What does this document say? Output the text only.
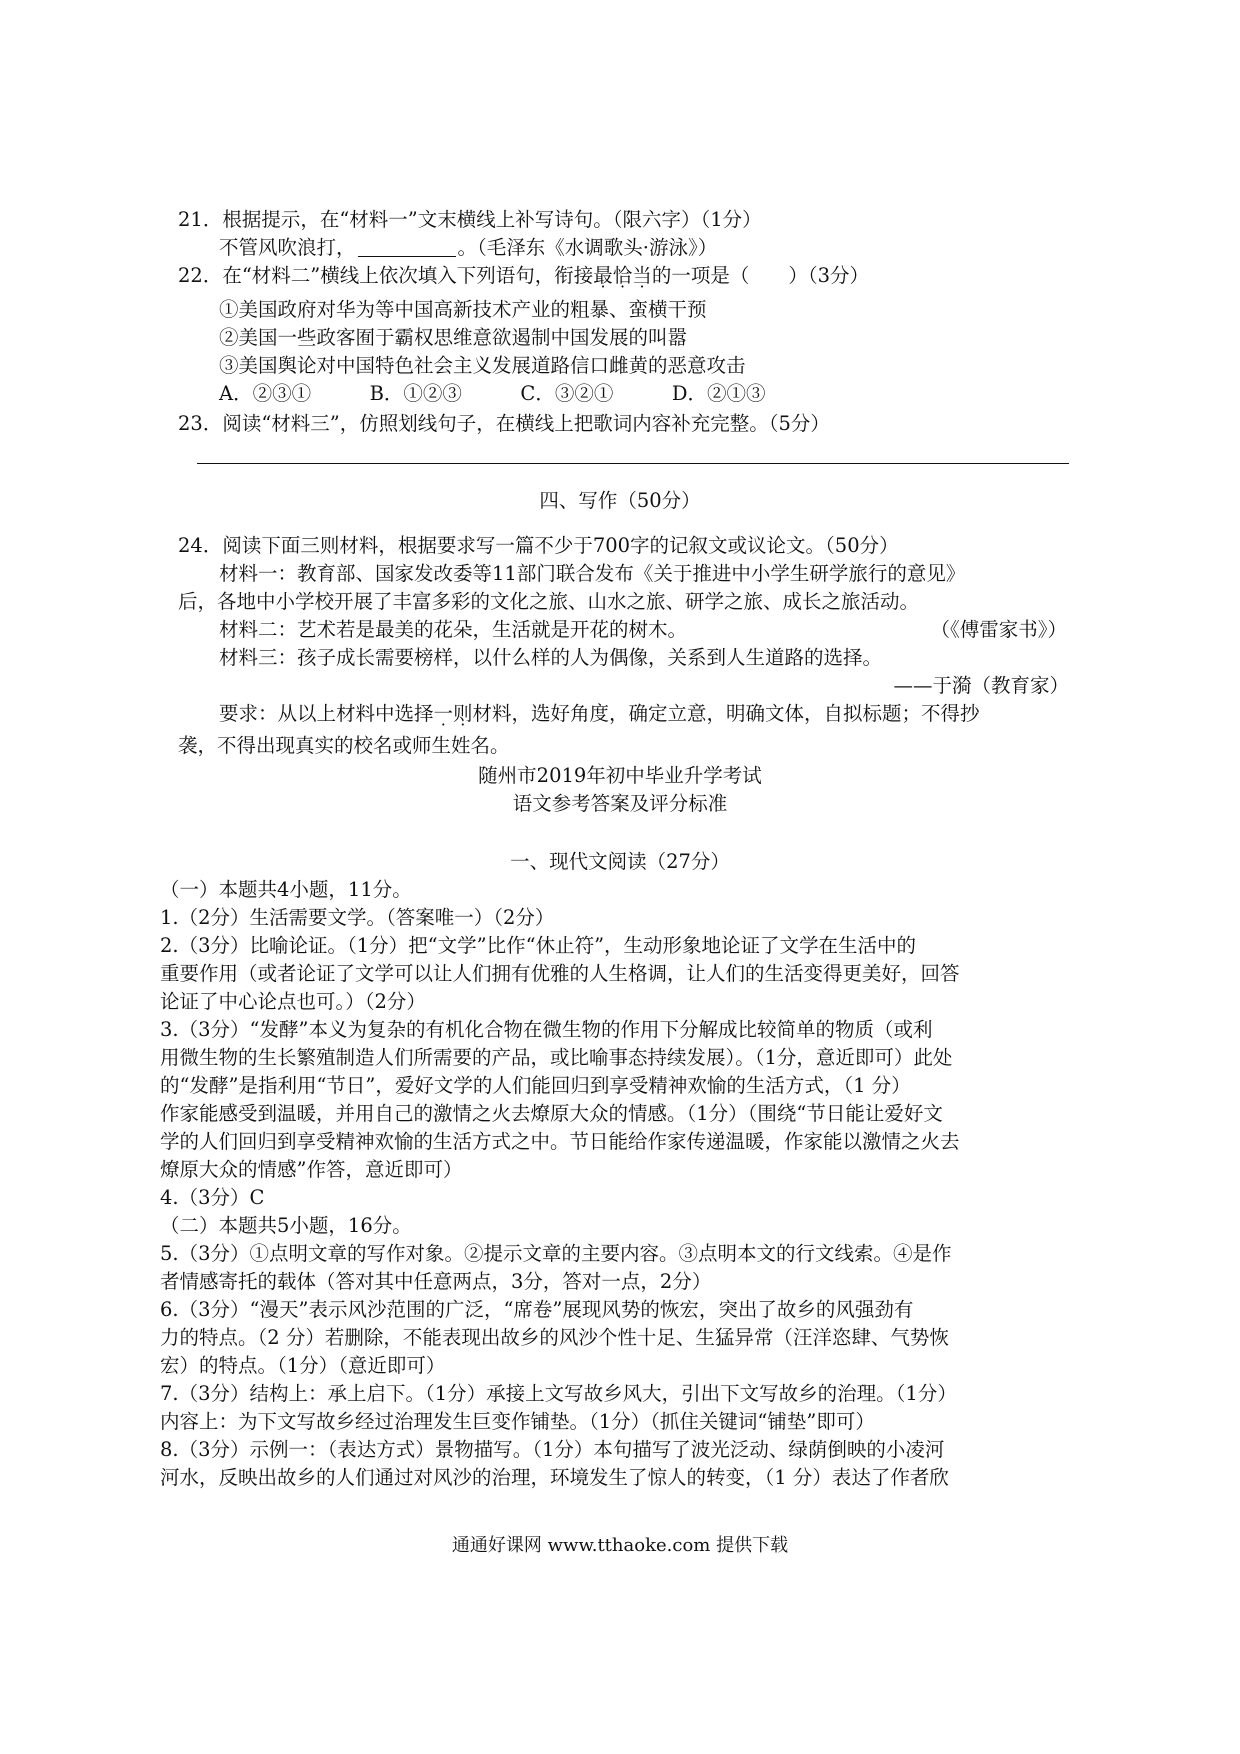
21．根据提示，在“材料一”文末横线上补写诗句。（限六字）（1分）
不管风吹浪打，	。（毛泽东《水调歌头·游泳》）
22．在“材料二”横线上依次填入下列语句，衔接最恰当的一项是（　　）（3分）
①美国政府对华为等中国高新技术产业的粗暴、蛮横干预
②美国一些政客囿于霸权思维意欲遏制中国发展的叫嚣
③美国舆论对中国特色社会主义发展道路信口雌黄的恶意攻击
A．②③①　　　B．①②③　　　C．③②①　　　D．②①③
23．阅读“材料三”，仿照划线句子，在横线上把歌词内容补充完整。（5分）
四、写作（50分）
24．阅读下面三则材料，根据要求写一篇不少于700字的记叙文或议论文。（50分）
材料一：教育部、国家发改委等11部门联合发布《关于推进中小学生研学旅行的意见》
后，各地中小学校开展了丰富多彩的文化之旅、山水之旅、研学之旅、成长之旅活动。
材料二：艺术若是最美的花朵，生活就是开花的树木。	（《傅雷家书》）
材料三：孩子成长需要榜样，以什么样的人为偶像，关系到人生道路的选择。
——于漪（教育家）
要求：从以上材料中选择一则材料，选好角度，确定立意，明确文体，自拟标题；不得抄
袭，不得出现真实的校名或师生姓名。
随州市2019年初中毕业升学考试
语文参考答案及评分标准
一、现代文阅读（27分）
（一）本题共4小题，11分。
1.（2分）生活需要文学。（答案唯一）（2分）
2.（3分）比喻论证。（1分）把“文学”比作“休止符”，生动形象地论证了文学在生活中的
重要作用（或者论证了文学可以让人们拥有优雅的人生格调，让人们的生活变得更美好，回答
论证了中心论点也可。）（2分）
3.（3分）“发酵”本义为复杂的有机化合物在微生物的作用下分解成比较简单的物质（或利
用微生物的生长繁殖制造人们所需要的产品，或比喻事态持续发展）。（1分，意近即可）此处
的“发酵”是指利用“节日”，爱好文学的人们能回归到享受精神欢愉的生活方式，（1 分）
作家能感受到温暖，并用自己的激情之火去燎原大众的情感。（1分）（围绕“节日能让爱好文
学的人们回归到享受精神欢愉的生活方式之中。节日能给作家传递温暖，作家能以激情之火去
燎原大众的情感”作答，意近即可）
4.（3分）C
（二）本题共5小题，16分。
5.（3分）①点明文章的写作对象。②提示文章的主要内容。③点明本文的行文线索。④是作
者情感寄托的载体（答对其中任意两点，3分，答对一点，2分）
6.（3分）“漫天”表示风沙范围的广泛，“席卷”展现风势的恢宏，突出了故乡的风强劲有
力的特点。（2 分）若删除，不能表现出故乡的风沙个性十足、生猛异常（汪洋恣肆、气势恢
宏）的特点。（1分）（意近即可）
7.（3分）结构上：承上启下。（1分）承接上文写故乡风大，引出下文写故乡的治理。（1分）
内容上：为下文写故乡经过治理发生巨变作铺垫。（1分）（抓住关键词“铺垫”即可）
8.（3分）示例一：（表达方式）景物描写。（1分）本句描写了波光泛动、绿荫倒映的小凌河
河水，反映出故乡的人们通过对风沙的治理，环境发生了惊人的转变，（1 分）表达了作者欣
通通好课网 www.tthaoke.com 提供下载
